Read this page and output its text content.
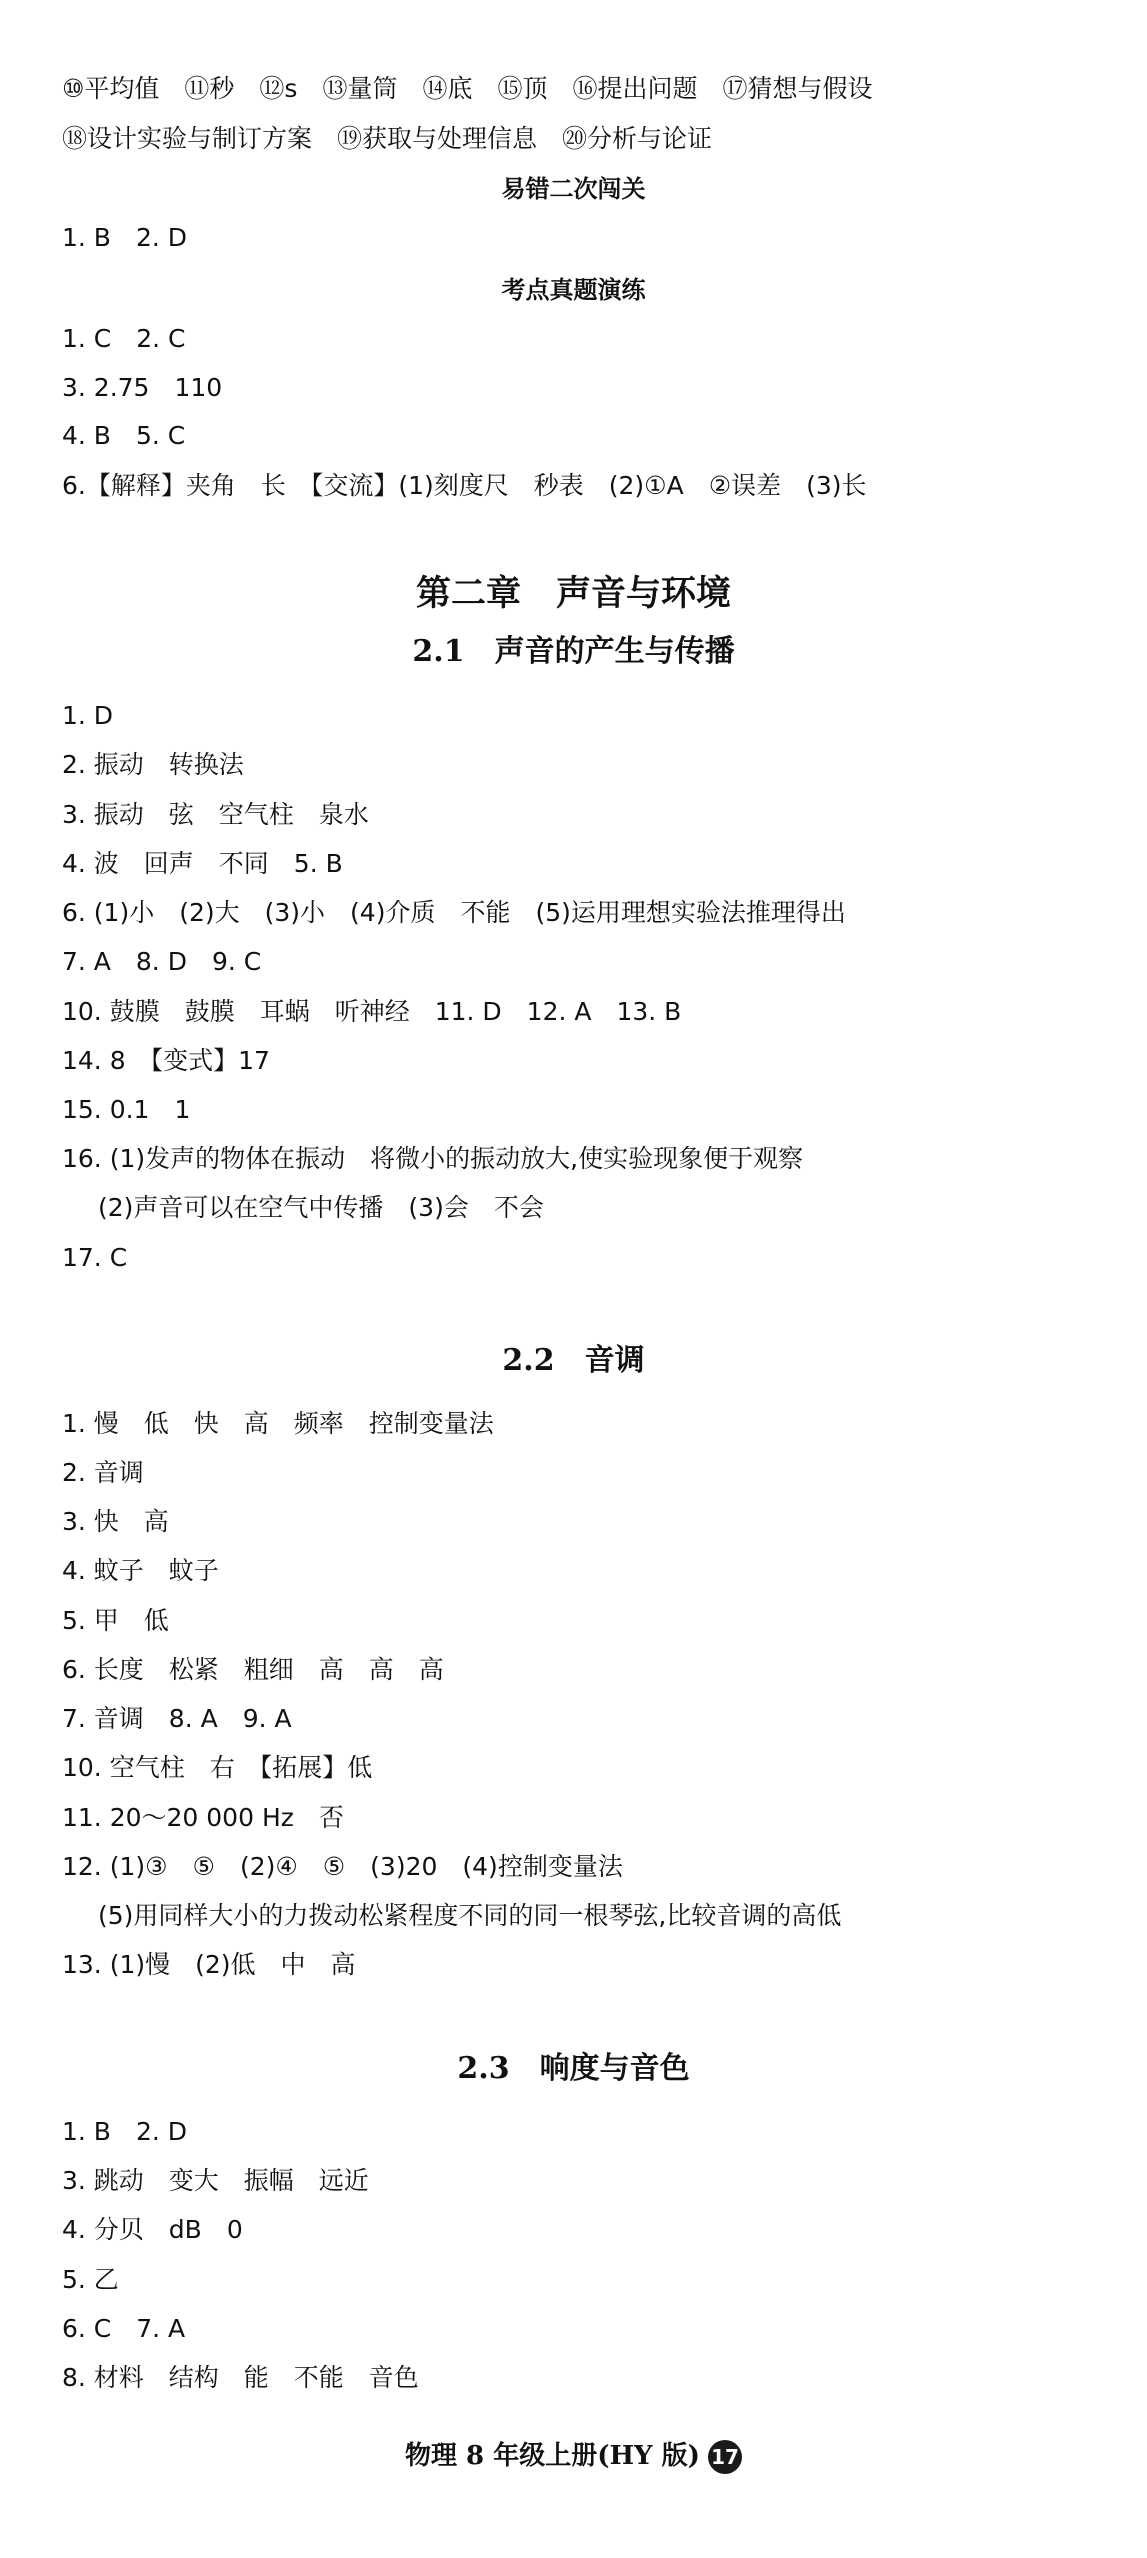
⑩平均值　⑪秒　⑫s　⑬量筒　⑭底　⑮顶　⑯提出问题　⑰猜想与假设
⑱设计实验与制订方案　⑲获取与处理信息　⑳分析与论证
易错二次闯关
1. B　2. D
考点真题演练
1. C　2. C
3. 2.75　110
4. B　5. C
6.【解释】夹角　长　【交流】(1)刻度尺　秒表　(2)①A　②误差　(3)长
第二章　声音与环境
2.1　声音的产生与传播
1. D
2. 振动　转换法
3. 振动　弦　空气柱　泉水
4. 波　回声　不同　5. B
6. (1)小　(2)大　(3)小　(4)介质　不能　(5)运用理想实验法推理得出
7. A　8. D　9. C
10. 鼓膜　鼓膜　耳蜗　听神经　11. D　12. A　13. B
14. 8　【变式】17
15. 0.1　1
16. (1)发声的物体在振动　将微小的振动放大,使实验现象便于观察
(2)声音可以在空气中传播　(3)会　不会
17. C
2.2　音调
1. 慢　低　快　高　频率　控制变量法
2. 音调
3. 快　高
4. 蚊子　蚊子
5. 甲　低
6. 长度　松紧　粗细　高　高　高
7. 音调　8. A　9. A
10. 空气柱　右　【拓展】低
11. 20～20 000 Hz　否
12. (1)③　⑤　(2)④　⑤　(3)20　(4)控制变量法
(5)用同样大小的力拨动松紧程度不同的同一根琴弦,比较音调的高低
13. (1)慢　(2)低　中　高
2.3　响度与音色
1. B　2. D
3. 跳动　变大　振幅　远近
4. 分贝　dB　0
5. 乙
6. C　7. A
8. 材料　结构　能　不能　音色
物理 8 年级上册(HY 版) 17
